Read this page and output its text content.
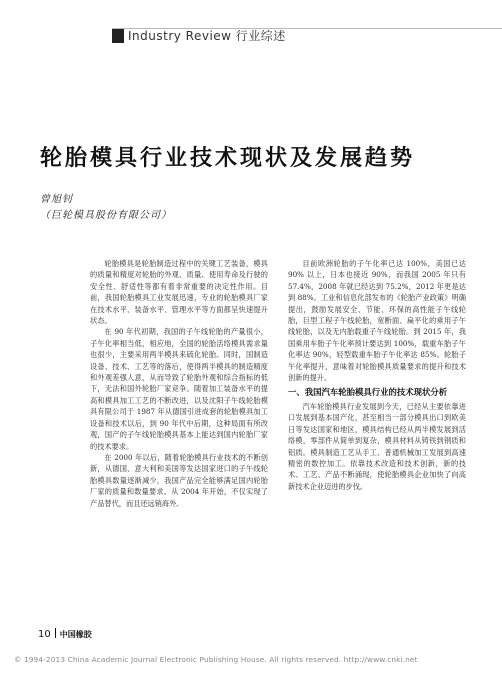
Industry Review 行业综述
轮胎模具行业技术现状及发展趋势
曾旭钊
（巨轮模具股份有限公司）

轮胎模具是轮胎制造过程中的关键工艺装备，模具的质量和精度对轮胎的外观、质量、使用寿命及行驶的安全性、舒适性等都有着非常重要的决定性作用。目前，我国轮胎模具工业发展迅速，专业的轮胎模具厂家在技术水平、装备水平、管理水平等方面都呈快速提升状态。

在 90 年代初期，我国的子午线轮胎的产量很小，子午化率相当低，相应地，全国的轮胎活络模具需求量也很少，主要采用两半模具来硫化轮胎。同时，国制造设备、技术、工艺等的落后，使得两半模具的制造精度和外观差强人意，从而导致了轮胎外观和综合指标的低下，无法和国外轮胎厂家竞争。随着加工装备水平的提高和模具加工工艺的不断改进，以及沈阳子午线轮胎模具有限公司于 1987 年从德国引进成套的轮胎模具加工设备和技术以后，到 90 年代中后期，这种局面有所改观，国产的子午线轮胎模具基本上能达到国内轮胎厂家的技术要求。

在 2000 年以后，随着轮胎模具行业技术的不断创新，从德国、意大利和美国等发达国家进口的子午线轮胎模具数量逐渐减少，我国产品完全能够满足国内轮胎厂家的质量和数量要求。从 2004 年开始，不仅实现了产品替代，而且还远销海外。

目前欧洲轮胎的子午化率已达 100%，美国已达 90% 以上，日本也接近 90%，而我国 2005 年只有 57.4%，2008 年就已经达到 75.2%，2012 年更是达到 88%。工业和信息化部发布的《轮胎产业政策》明确提出，鼓励发展安全、节能、环保的高性能子午线轮胎，巨型工程子午线轮胎，宽断面、扁平化的乘用子午线轮胎，以及无内胎载重子午线轮胎。到 2015 年，我国乘用车胎子午化率预计要达到 100%，载重车胎子午化率达 90%，轻型载重车胎子午化率达 85%。轮胎子午化率提升，意味着对轮胎模具质量要求的提升和技术创新的提升。

一、我国汽车轮胎模具行业的技术现状分析

汽车轮胎模具行业发展到今天，已经从主要依靠进口发展到基本国产化，甚至相当一部分模具出口到欧美日等发达国家和地区，模具结构已经从两半模发展到活络模，零部件从简单到复杂，模具材料从铸铁到钢质和铝质。模具制造工艺从手工、普通机械加工发展到高速精密的数控加工。依靠技术改造和技术创新，新的技术、工艺、产品不断涌现，使轮胎模具企业加快了向高新技术企业迈进的步伐。

10 中国橡胶
© 1994-2013 China Academic Journal Electronic Publishing House. All rights reserved. http://www.cnki.net
